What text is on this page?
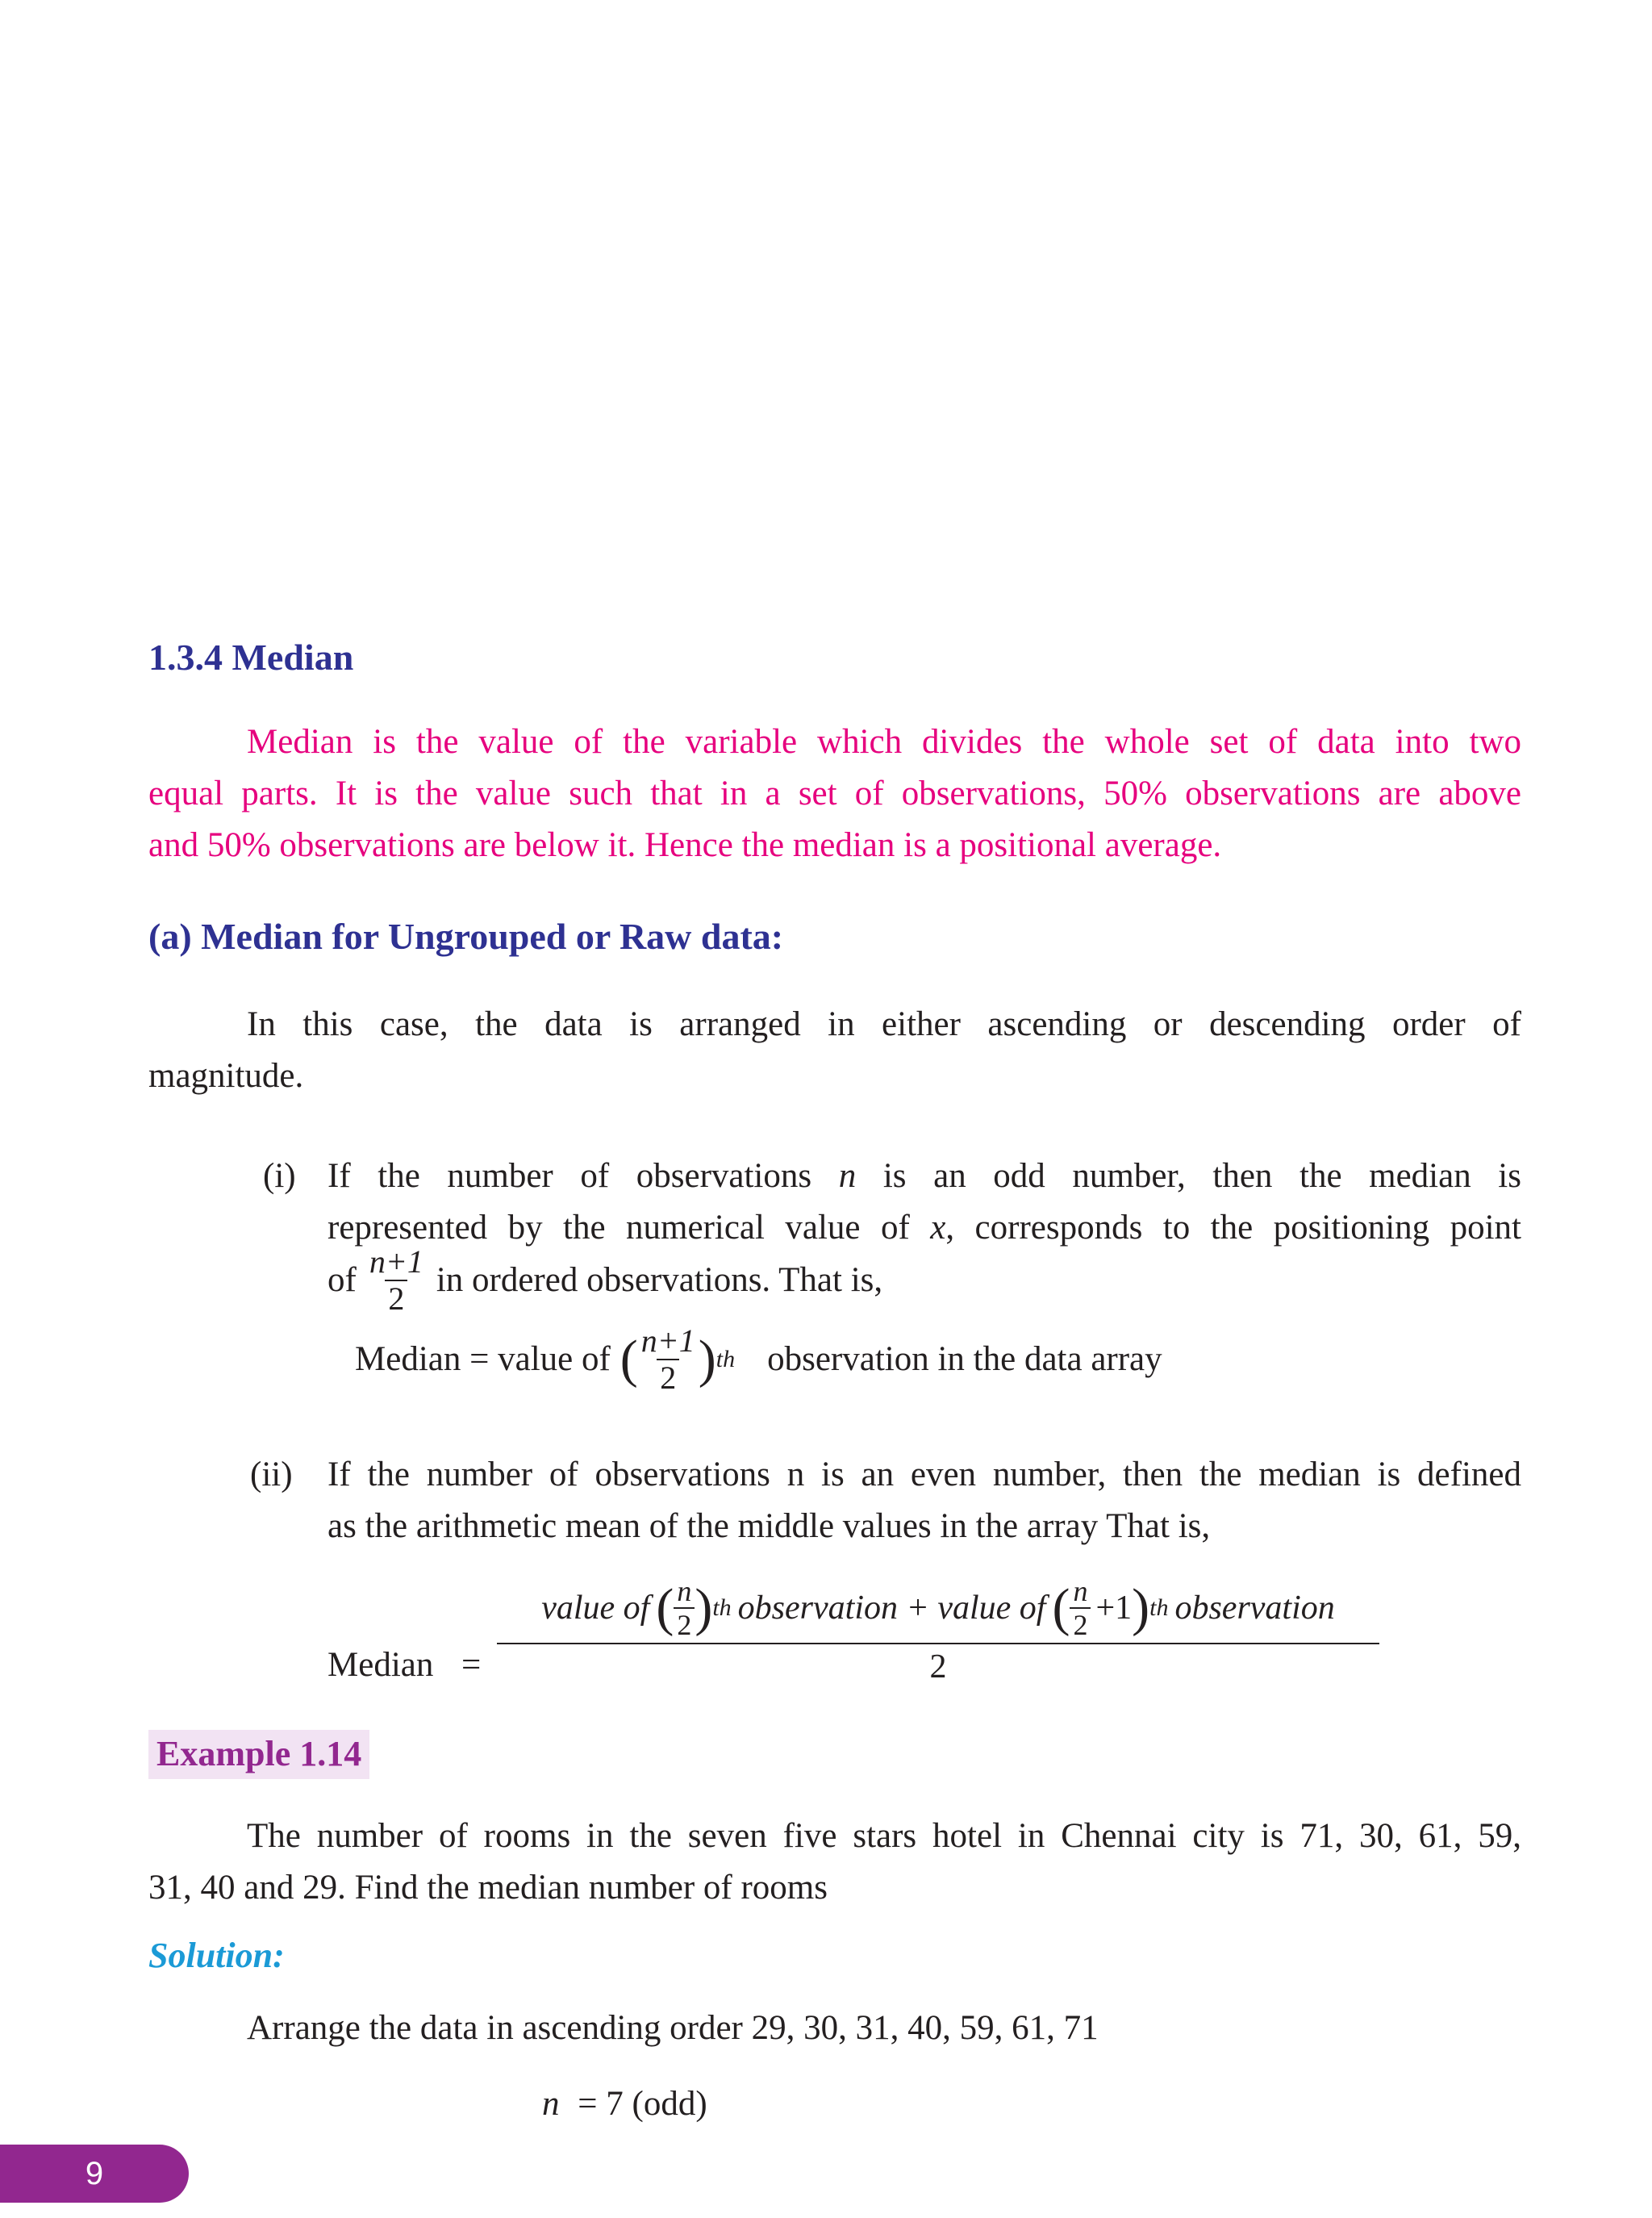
1.3.4 Median
Median is the value of the variable which divides the whole set of data into two
equal parts. It is the value such that in a set of observations, 50% observations are above
and 50% observations are below it. Hence the median is a positional average.
(a) Median for Ungrouped or Raw data:
In this case, the data is arranged in either ascending or descending order of
magnitude.
(i) If the number of observations n is an odd number, then the median is
represented by the numerical value of x, corresponds to the positioning point
of $\frac{n+1}{2}$ in ordered observations. That is,
Median = value of ( $\frac{n+1}{2}$ ) th observation in the data array
(ii) If the number of observations n is an even number, then the median is defined
as the arithmetic mean of the middle values in the array That is,
Median =
value of ( $\frac{n}{2}$ ) th observation + value of ( $\frac{n}{2} +1$ ) th observation
2
Example 1.14
The number of rooms in the seven five stars hotel in Chennai city is 71, 30, 61, 59,
31, 40 and 29. Find the median number of rooms
Solution:
Arrange the data in ascending order 29, 30, 31, 40, 59, 61, 71
n = 7 (odd)
9
